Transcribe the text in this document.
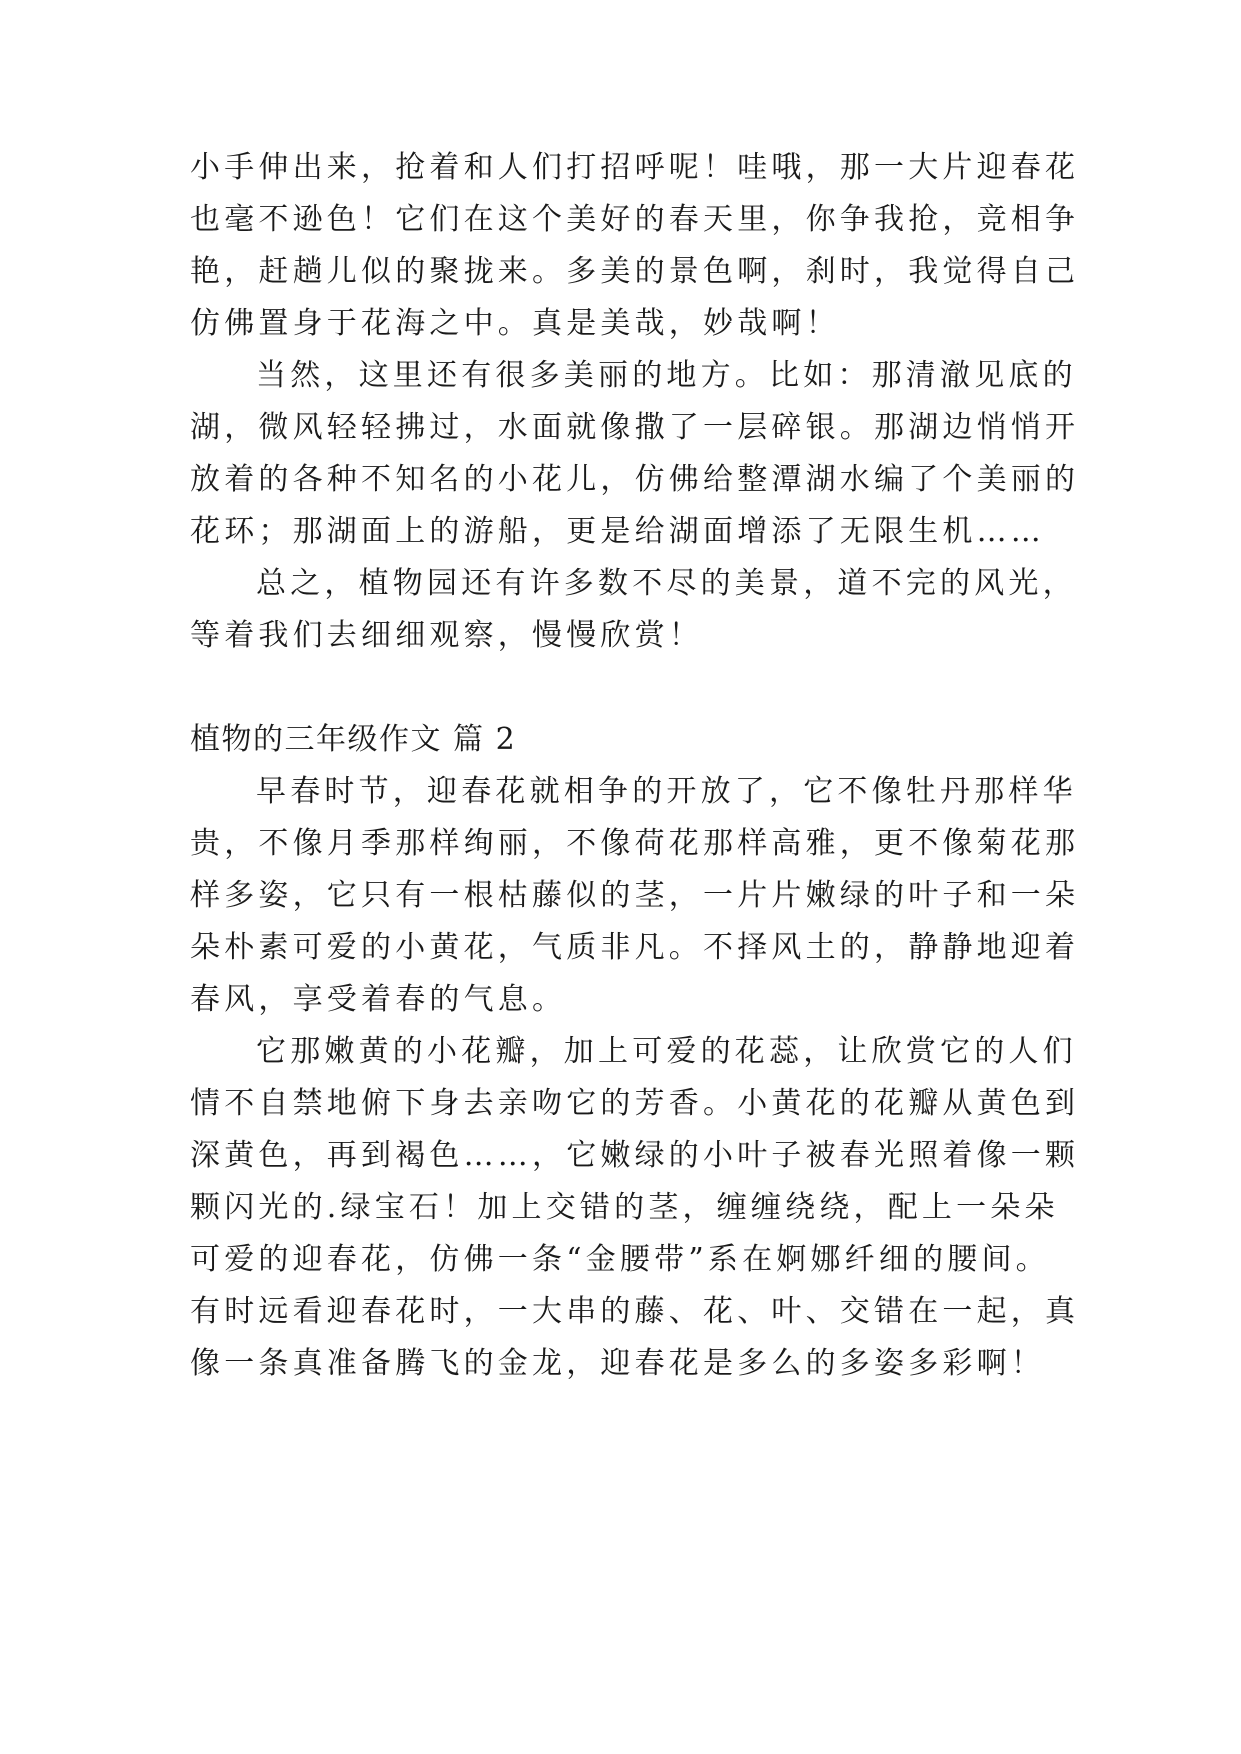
小手伸出来，抢着和人们打招呼呢！哇哦，那一大片迎春花
也毫不逊色！它们在这个美好的春天里，你争我抢，竞相争
艳，赶趟儿似的聚拢来。多美的景色啊，刹时，我觉得自己
仿佛置身于花海之中。真是美哉，妙哉啊！
当然，这里还有很多美丽的地方。比如：那清澈见底的
湖，微风轻轻拂过，水面就像撒了一层碎银。那湖边悄悄开
放着的各种不知名的小花儿，仿佛给整潭湖水编了个美丽的
花环；那湖面上的游船，更是给湖面增添了无限生机……
总之，植物园还有许多数不尽的美景，道不完的风光，
等着我们去细细观察，慢慢欣赏！
植物的三年级作文 篇 2
早春时节，迎春花就相争的开放了，它不像牡丹那样华
贵，不像月季那样绚丽，不像荷花那样高雅，更不像菊花那
样多姿，它只有一根枯藤似的茎，一片片嫩绿的叶子和一朵
朵朴素可爱的小黄花，气质非凡。不择风土的，静静地迎着
春风，享受着春的气息。
它那嫩黄的小花瓣，加上可爱的花蕊，让欣赏它的人们
情不自禁地俯下身去亲吻它的芳香。小黄花的花瓣从黄色到
深黄色，再到褐色……，它嫩绿的小叶子被春光照着像一颗
颗闪光的.绿宝石！加上交错的茎，缠缠绕绕，配上一朵朵
可爱的迎春花，仿佛一条“金腰带”系在婀娜纤细的腰间。
有时远看迎春花时，一大串的藤、花、叶、交错在一起，真
像一条真准备腾飞的金龙，迎春花是多么的多姿多彩啊！
